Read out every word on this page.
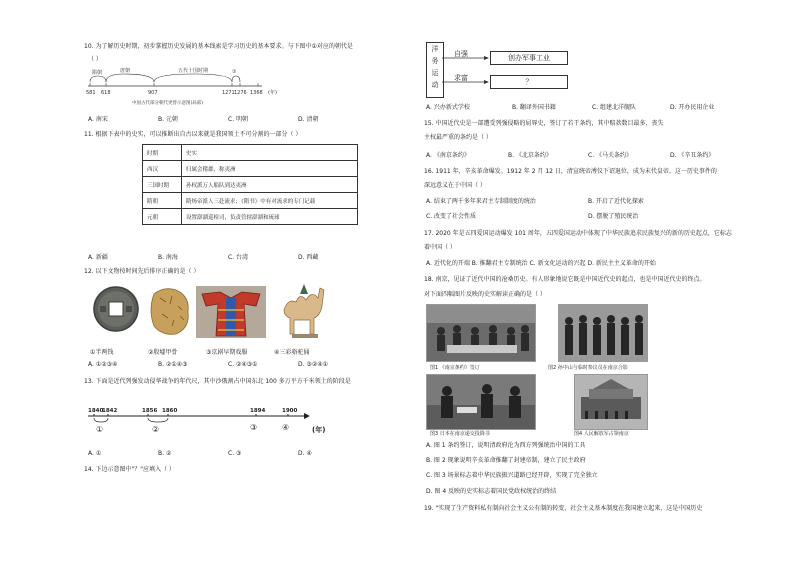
10. 为了解历史时期，初步掌握历史发展的基本线索是学习历史的基本要求。与下图中①对应的朝代是
（ ）
隋朝	唐朝	五代十国时期	①
581 618	907	1271 1276 1368 (年)
中国古代部分朝代更替示意图(局部)
A. 南宋	B. 元朝	C. 明朝	D. 清朝
11. 根据下表中的史实，可以推断出自古以来就是我国领土不可分割的一部分（ ）
时期	史实
西汉	归属会稽郡，称夷洲
三国时期	孙权派万人船队到达夷洲
隋朝	隋炀帝派人三赴流求；《隋书》中有对流求的专门记载
元朝	设置澎湖巡检司，负责管辖澎湖和琉球
A. 新疆	B. 南海	C. 台湾	D. 西藏
12. 以下文物按时间先后排序正确的是（ ）
①半两钱	②殷墟甲骨	③京剧早期戏服	④三彩骆驼俑
A. ①②③④	B. ②①④③	C. ②④③①	D. ③②④①
13. 下面是近代列强发动侵华战争的年代尺，其中沙俄割占中国东北 100 多万平方千米领土的阶段是
1840
1842	1856 1860	1894	1900
①	②	③	④	(年)
A. ①	B. ②	C. ③	D. ④
14. 下边示意图中"？"应填入（ ）
洋
务
运
动
自强
求富
创办军事工业
？
A. 兴办新式学校	B. 翻译外国书籍	C. 组建北洋舰队	D. 开办民用企业
15. 中国近代史是一部遭受列强侵略的屈辱史，签订了若干条约，其中赔款数目最多，丧失
主权最严重的条约是（ ）
A. 《南京条约》	B. 《北京条约》	C. 《马关条约》	D. 《辛丑条约》
16. 1911 年，辛亥革命爆发。1912 年 2 月 12 日，清宣统帝溥仪下诏退位，成为末代皇帝。这一历史事件的
深远意义在于中国（ ）
A. 结束了两千多年来君主专制制度的统治	B. 开启了近代化探索
C. 改变了社会性质	D. 摆脱了殖民统治
17. 2020 年是五四爱国运动爆发 101 周年，五四爱国运动中体现了中华民族追求民族复兴的新的历史起点，它标志
着中国（ ）
A. 近代化的开端 B. 推翻君主专制统治 C. 新文化运动的兴起 D. 新民主主义革命的开始
18. 南京，见证了近代中国的沧桑历史。有人形象地说它既是中国近代史的起点，也是中国近代史的终点。
对下面四幅图片反映的史实解读正确的是（ ）
图1 《南京条约》签订	图2 孙中山与临时参议员在南京合影
图3 日本在南京递交投降书	图4 人民解放军占领南京
A. 图 1 条约签订，说明清政府沦为西方列强统治中国的工具
B. 图 2 现象说明辛亥革命推翻了封建帝制，建立了民主政府
C. 图 3 场景标志着中华民族振兴道路已经开辟，实现了完全独立
D. 图 4 反映的史实标志着国民党政权统治的终结
19. "实现了生产资料私有制向社会主义公有制的转变，社会主义基本制度在我国建立起来，这是中国历史
